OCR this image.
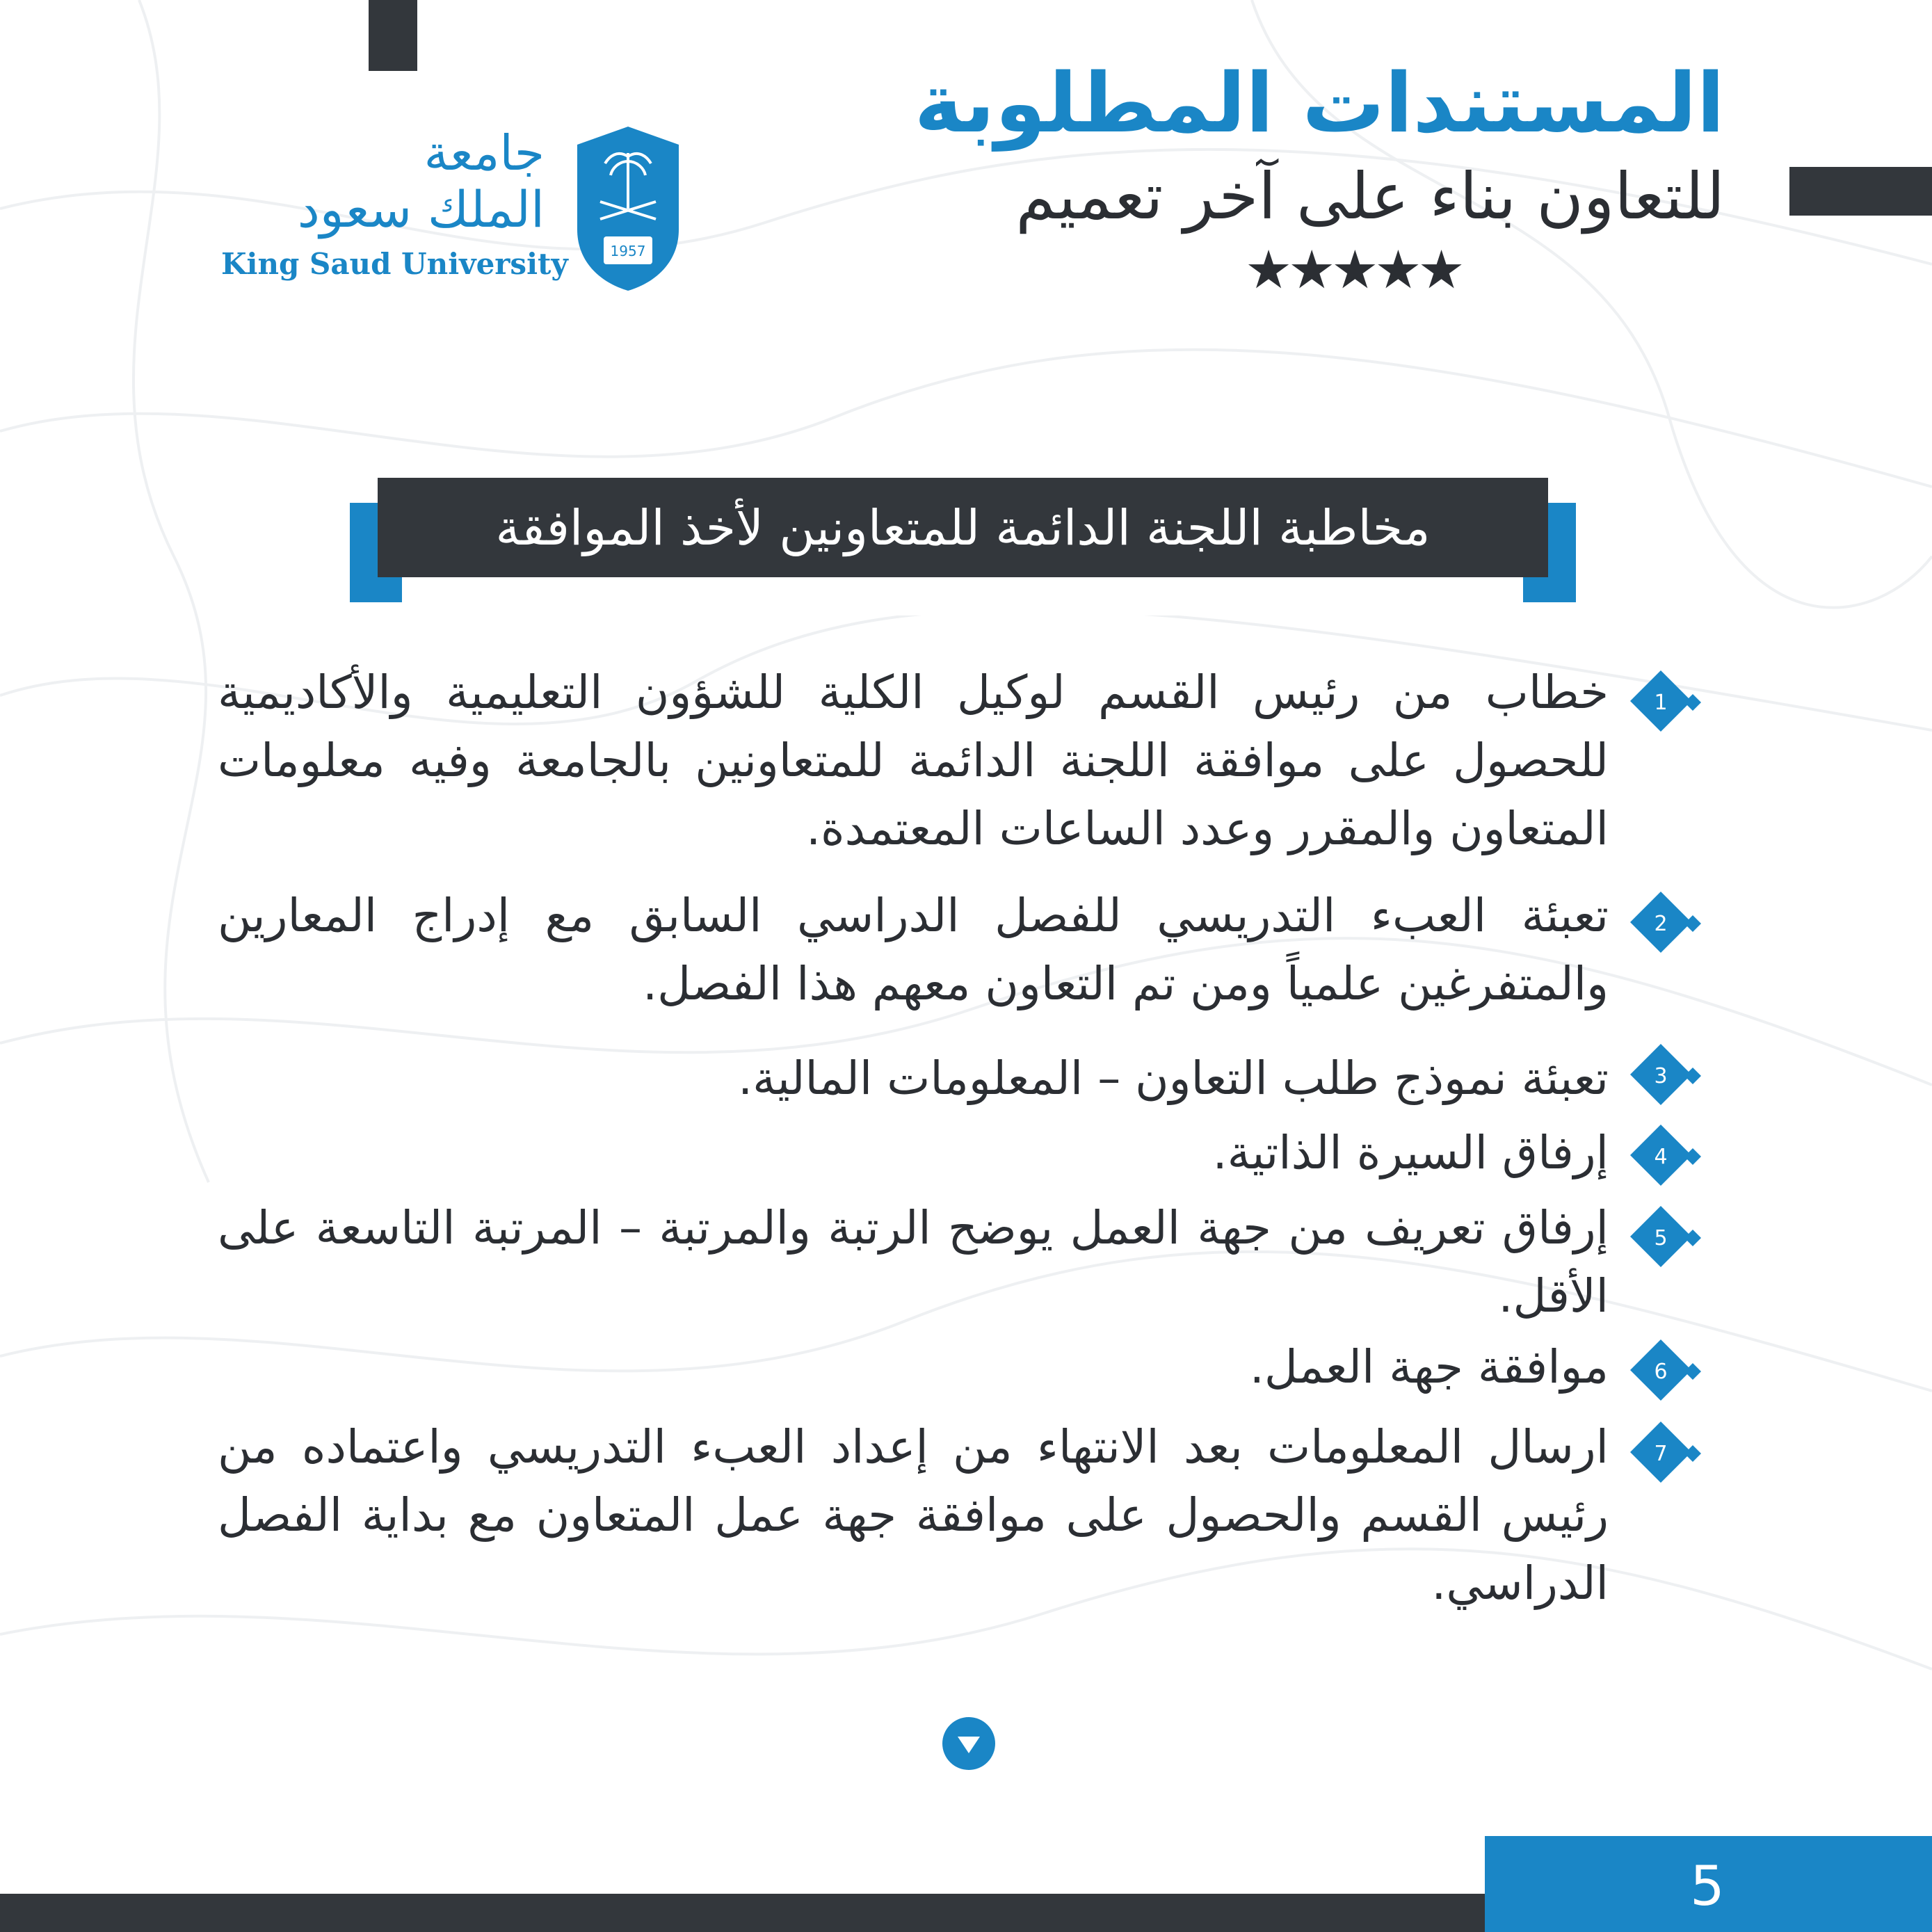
المستندات المطلوبة
للتعاون بناء على آخر تعميم
★★★★★
1957
جامعة
الملك سعود
King Saud University
مخاطبة اللجنة الدائمة للمتعاونين لأخذ الموافقة
1
خطاب من رئيس القسم لوكيل الكلية للشؤون التعليمية والأكاديمية للحصول على موافقة اللجنة الدائمة للمتعاونين بالجامعة وفيه معلومات المتعاون والمقرر وعدد الساعات المعتمدة.
2
تعبئة العبء التدريسي للفصل الدراسي السابق مع إدراج المعارين والمتفرغين علمياً ومن تم التعاون معهم هذا الفصل.
3
تعبئة نموذج طلب التعاون – المعلومات المالية.
4
إرفاق السيرة الذاتية.
5
إرفاق تعريف من جهة العمل يوضح الرتبة والمرتبة – المرتبة التاسعة على الأقل.
6
موافقة جهة العمل.
7
ارسال المعلومات بعد الانتهاء من إعداد العبء التدريسي واعتماده من رئيس القسم والحصول على موافقة جهة عمل المتعاون مع بداية الفصل الدراسي.
5
